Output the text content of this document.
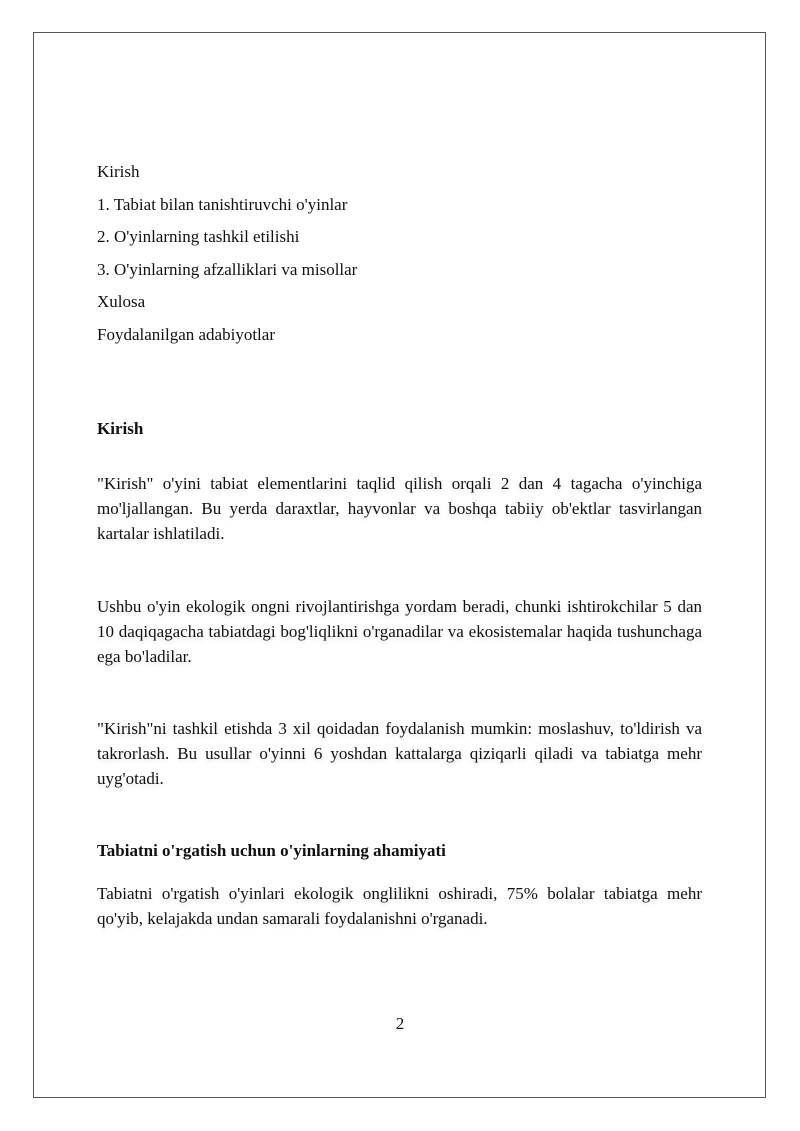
Kirish
1. Tabiat bilan tanishtiruvchi o'yinlar
2. O'yinlarning tashkil etilishi
3. O'yinlarning afzalliklari va misollar
Xulosa
Foydalanilgan adabiyotlar
Kirish
"Kirish" o'yini tabiat elementlarini taqlid qilish orqali 2 dan 4 tagacha o'yinchiga mo'ljallangan. Bu yerda daraxtlar, hayvonlar va boshqa tabiiy ob'ektlar tasvirlangan kartalar ishlatiladi.
Ushbu o'yin ekologik ongni rivojlantirishga yordam beradi, chunki ishtirokchilar 5 dan 10 daqiqagacha tabiatdagi bog'liqlikni o'rganadilar va ekosistemalar haqida tushunchaga ega bo'ladilar.
"Kirish"ni tashkil etishda 3 xil qoidadan foydalanish mumkin: moslashuv, to'ldirish va takrorlash. Bu usullar o'yinni 6 yoshdan kattalarga qiziqarli qiladi va tabiatga mehr uyg'otadi.
Tabiatni o'rgatish uchun o'yinlarning ahamiyati
Tabiatni o'rgatish o'yinlari ekologik onglilikni oshiradi, 75% bolalar tabiatga mehr qo'yib, kelajakda undan samarali foydalanishni o'rganadi.
2
